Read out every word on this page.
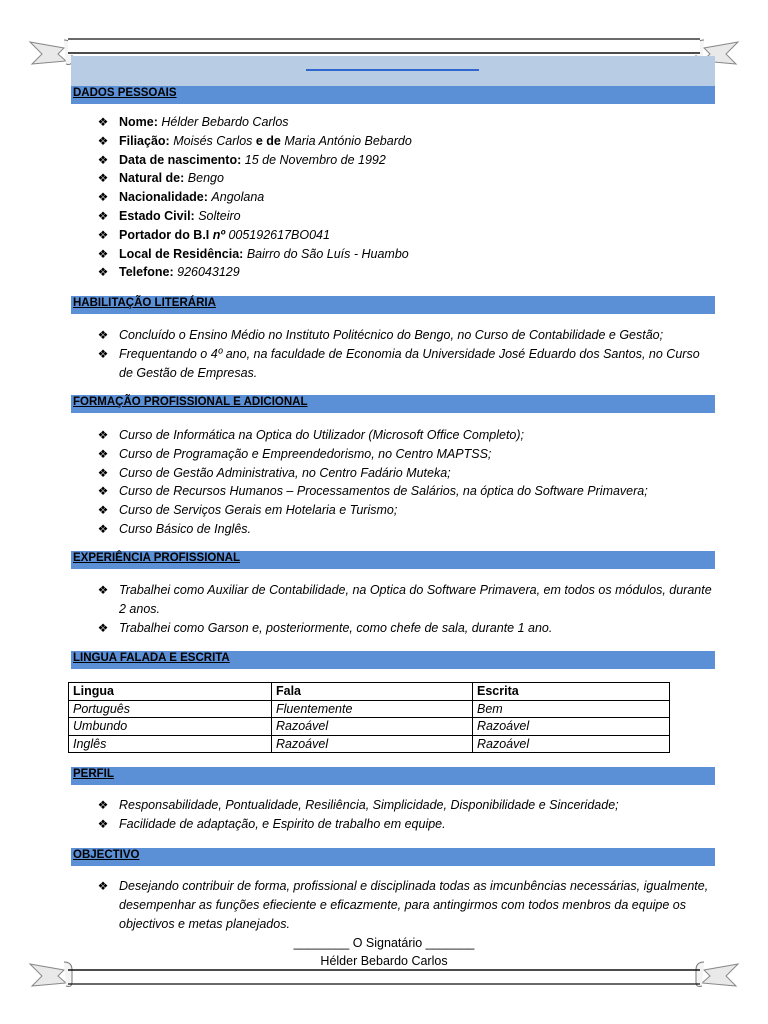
DADOS PESSOAIS
❖ Nome: Hélder Bebardo Carlos
❖ Filiação: Moisés Carlos e de Maria António Bebardo
❖ Data de nascimento: 15 de Novembro de 1992
❖ Natural de: Bengo
❖ Nacionalidade: Angolana
❖ Estado Civil: Solteiro
❖ Portador do B.I nº 005192617BO041
❖ Local de Residência: Bairro do São Luís - Huambo
❖ Telefone: 926043129
HABILITAÇÃO LITERÁRIA
❖ Concluído o Ensino Médio no Instituto Politécnico do Bengo, no Curso de Contabilidade e Gestão;
❖ Frequentando o 4º ano, na faculdade de Economia da Universidade José Eduardo dos Santos, no Curso de Gestão de Empresas.
FORMAÇÃO PROFISSIONAL E ADICIONAL
❖ Curso de Informática na Optica do Utilizador (Microsoft Office Completo);
❖ Curso de Programação e Empreendedorismo, no Centro MAPTSS;
❖ Curso de Gestão Administrativa, no Centro Fadário Muteka;
❖ Curso de Recursos Humanos – Processamentos de Salários, na óptica do Software Primavera;
❖ Curso de Serviços Gerais em Hotelaria e Turismo;
❖ Curso Básico de Inglês.
EXPERIÊNCIA PROFISSIONAL
❖ Trabalhei como Auxiliar de Contabilidade, na Optica do Software Primavera, em todos os módulos, durante 2 anos.
❖ Trabalhei como Garson e, posteriormente, como chefe de sala, durante 1 ano.
LINGUA FALADA E ESCRITA
Lingua	Fala	Escrita
Português	Fluentemente	Bem
Umbundo	Razoável	Razoável
Inglês	Razoável	Razoável
PERFIL
❖ Responsabilidade, Pontualidade, Resiliência, Simplicidade, Disponibilidade e Sinceridade;
❖ Facilidade de adaptação, e Espirito de trabalho em equipe.
OBJECTIVO
❖ Desejando contribuir de forma, profissional e disciplinada todas as imcunbências necessárias, igualmente, desempenhar as funções efieciente e eficazmente, para antingirmos com todos menbros da equipe os objectivos e metas planejados.
________ O Signatário _______
Hélder Bebardo Carlos
